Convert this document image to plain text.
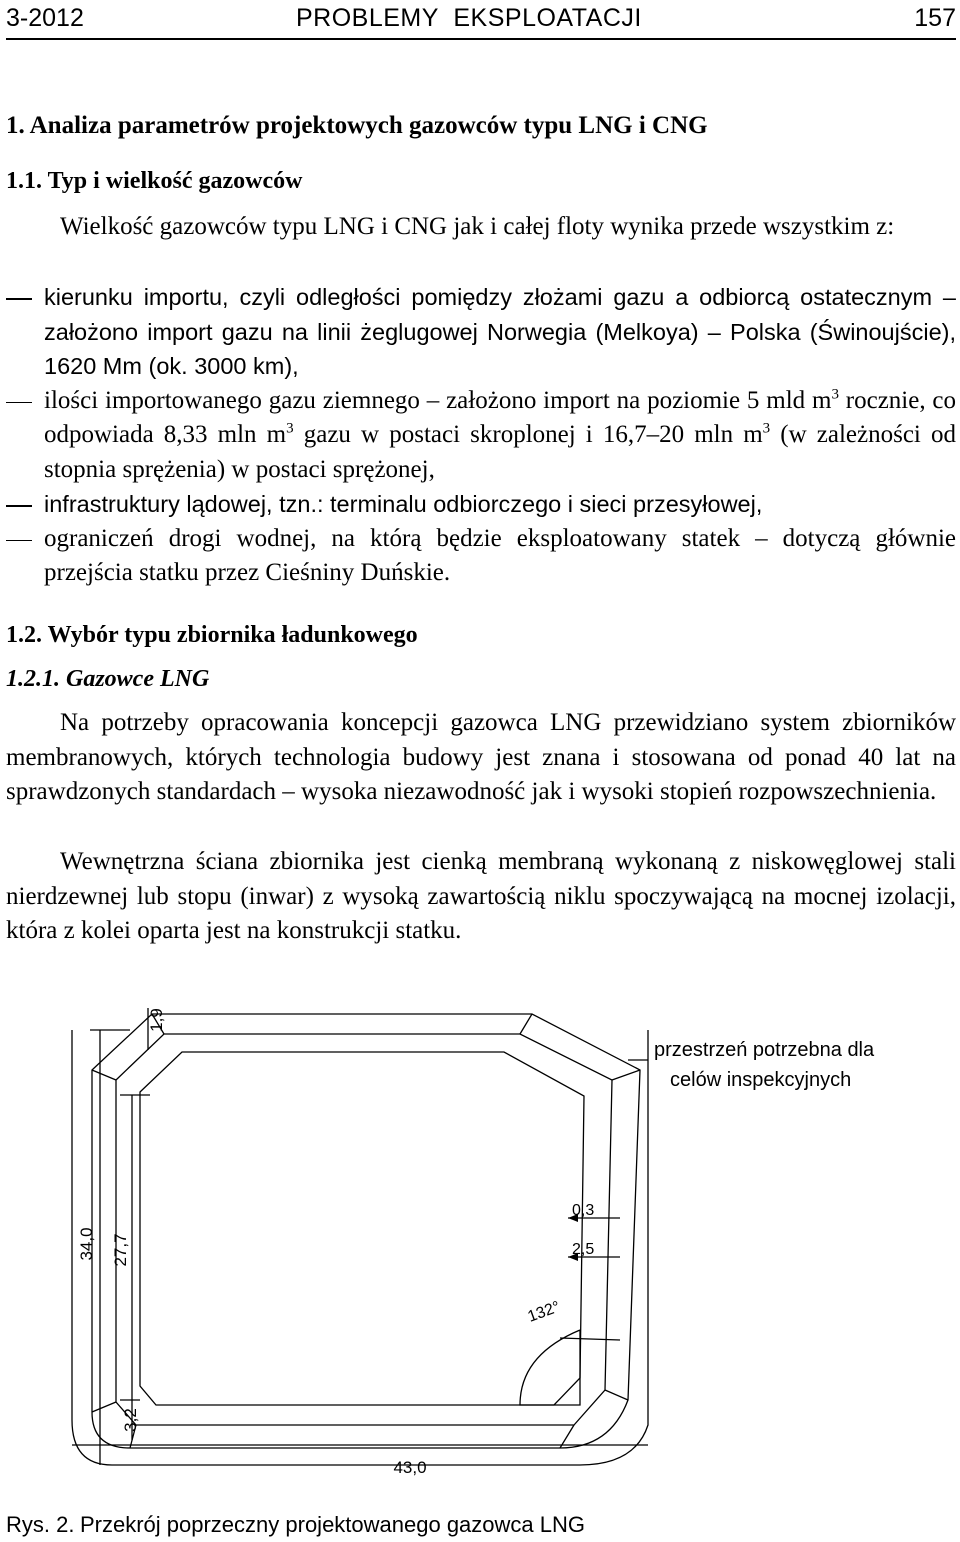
3-2012	PROBLEMY  EKSPLOATACJI	157
1. Analiza parametrów projektowych gazowców typu LNG i CNG
1.1. Typ i wielkość gazowców

Wielkość gazowców typu LNG i CNG jak i całej floty wynika przede wszystkim z:

kierunku importu, czyli odległości pomiędzy złożami gazu a odbiorcą ostatecznym – założono import gazu na linii żeglugowej Norwegia (Melkoya) – Polska (Świnoujście), 1620 Mm (ok. 3000 km),
ilości importowanego gazu ziemnego – założono import na poziomie 5 mld $m^3$ rocznie, co odpowiada 8,33 mln $m^3$ gazu w postaci skroplonej i 16,7–20 mln $m^3$ (w zależności od stopnia sprężenia) w postaci sprężonej,
infrastruktury lądowej, tzn.: terminalu odbiorczego i sieci przesyłowej,
ograniczeń drogi wodnej, na którą będzie eksploatowany statek – dotyczą głównie przejścia statku przez Cieśniny Duńskie.
1.2. Wybór typu zbiornika ładunkowego
1.2.1. Gazowce LNG

Na potrzeby opracowania koncepcji gazowca LNG przewidziano system zbiorników membranowych, których technologia budowy jest znana i stosowana od ponad 40 lat na sprawdzonych standardach – wysoka niezawodność jak i wysoki stopień rozpowszechnienia.

Wewnętrzna ściana zbiornika jest cienką membraną wykonaną z niskowęglowej stali nierdzewnej lub stopu (inwar) z wysoką zawartością niklu spoczywającą na mocnej izolacji, która z kolei oparta jest na konstrukcji statku.

34,0 27,7
3,2
1,9
43,0
0,3
2,5
132°
przestrzeń potrzebna dla
celów inspekcyjnych
Rys. 2. Przekrój poprzeczny projektowanego gazowca LNG
